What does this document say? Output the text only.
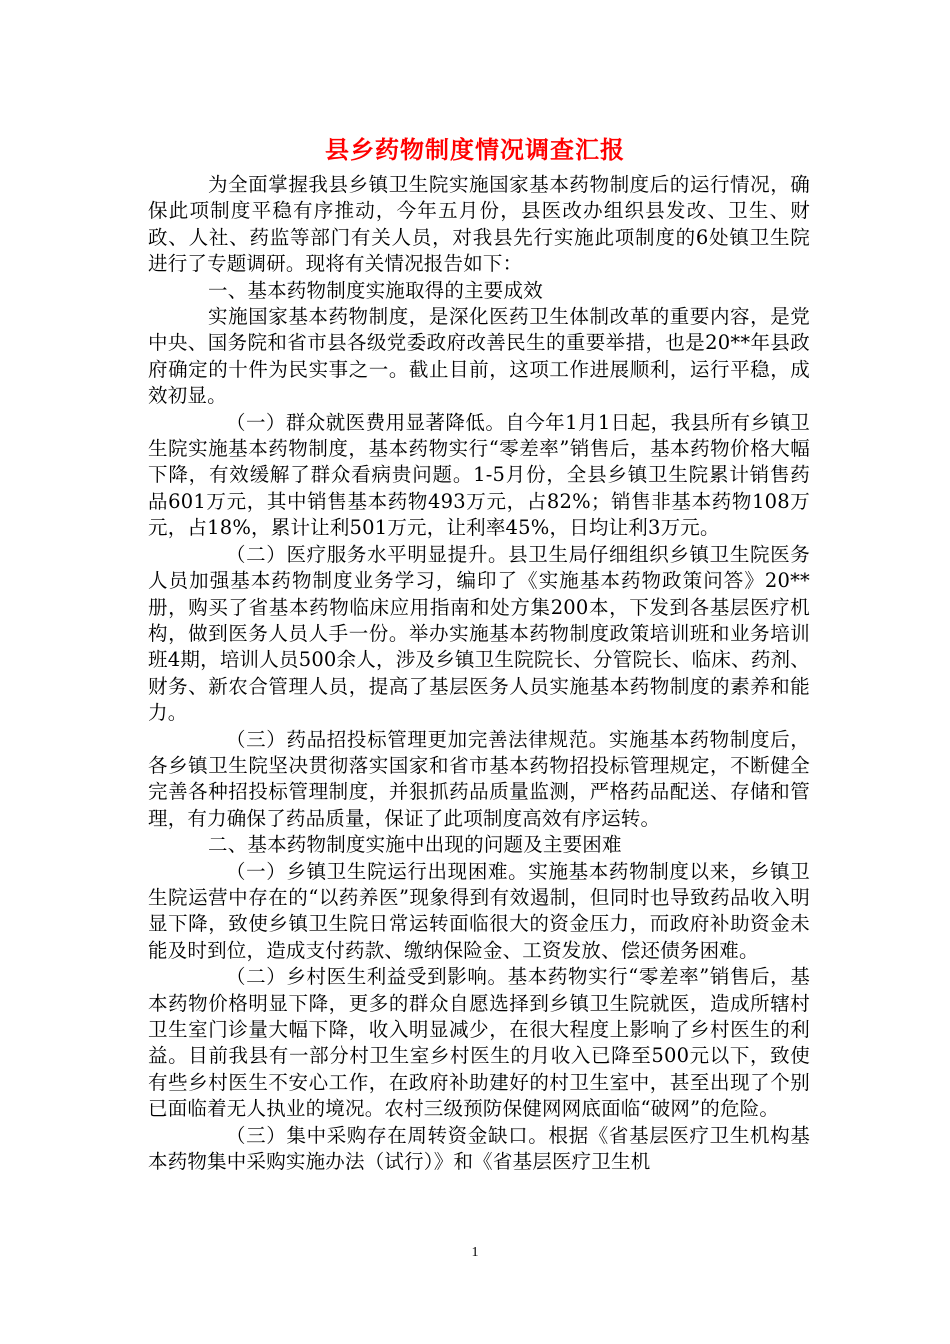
县乡药物制度情况调查汇报

为全面掌握我县乡镇卫生院实施国家基本药物制度后的运行情况，确保此项制度平稳有序推动，今年五月份，县医改办组织县发改、卫生、财政、人社、药监等部门有关人员，对我县先行实施此项制度的6处镇卫生院进行了专题调研。现将有关情况报告如下：

一、基本药物制度实施取得的主要成效

实施国家基本药物制度，是深化医药卫生体制改革的重要内容，是党中央、国务院和省市县各级党委政府改善民生的重要举措，也是20**年县政府确定的十件为民实事之一。截止目前，这项工作进展顺利，运行平稳，成效初显。

（一）群众就医费用显著降低。自今年1月1日起，我县所有乡镇卫生院实施基本药物制度，基本药物实行“零差率”销售后，基本药物价格大幅下降，有效缓解了群众看病贵问题。1-5月份，全县乡镇卫生院累计销售药品601万元，其中销售基本药物493万元，占82%；销售非基本药物108万元，占18%，累计让利501万元，让利率45%，日均让利3万元。

（二）医疗服务水平明显提升。县卫生局仔细组织乡镇卫生院医务人员加强基本药物制度业务学习，编印了《实施基本药物政策问答》20**册，购买了省基本药物临床应用指南和处方集200本，下发到各基层医疗机构，做到医务人员人手一份。举办实施基本药物制度政策培训班和业务培训班4期，培训人员500余人，涉及乡镇卫生院院长、分管院长、临床、药剂、财务、新农合管理人员，提高了基层医务人员实施基本药物制度的素养和能力。

（三）药品招投标管理更加完善法律规范。实施基本药物制度后，各乡镇卫生院坚决贯彻落实国家和省市基本药物招投标管理规定，不断健全完善各种招投标管理制度，并狠抓药品质量监测，严格药品配送、存储和管理，有力确保了药品质量，保证了此项制度高效有序运转。

二、基本药物制度实施中出现的问题及主要困难

（一）乡镇卫生院运行出现困难。实施基本药物制度以来，乡镇卫生院运营中存在的“以药养医”现象得到有效遏制，但同时也导致药品收入明显下降，致使乡镇卫生院日常运转面临很大的资金压力，而政府补助资金未能及时到位，造成支付药款、缴纳保险金、工资发放、偿还债务困难。

（二）乡村医生利益受到影响。基本药物实行“零差率”销售后，基本药物价格明显下降，更多的群众自愿选择到乡镇卫生院就医，造成所辖村卫生室门诊量大幅下降，收入明显减少，在很大程度上影响了乡村医生的利益。目前我县有一部分村卫生室乡村医生的月收入已降至500元以下，致使有些乡村医生不安心工作，在政府补助建好的村卫生室中，甚至出现了个别已面临着无人执业的境况。农村三级预防保健网网底面临“破网”的危险。

（三）集中采购存在周转资金缺口。根据《省基层医疗卫生机构基本药物集中采购实施办法（试行）》和《省基层医疗卫生机

1
